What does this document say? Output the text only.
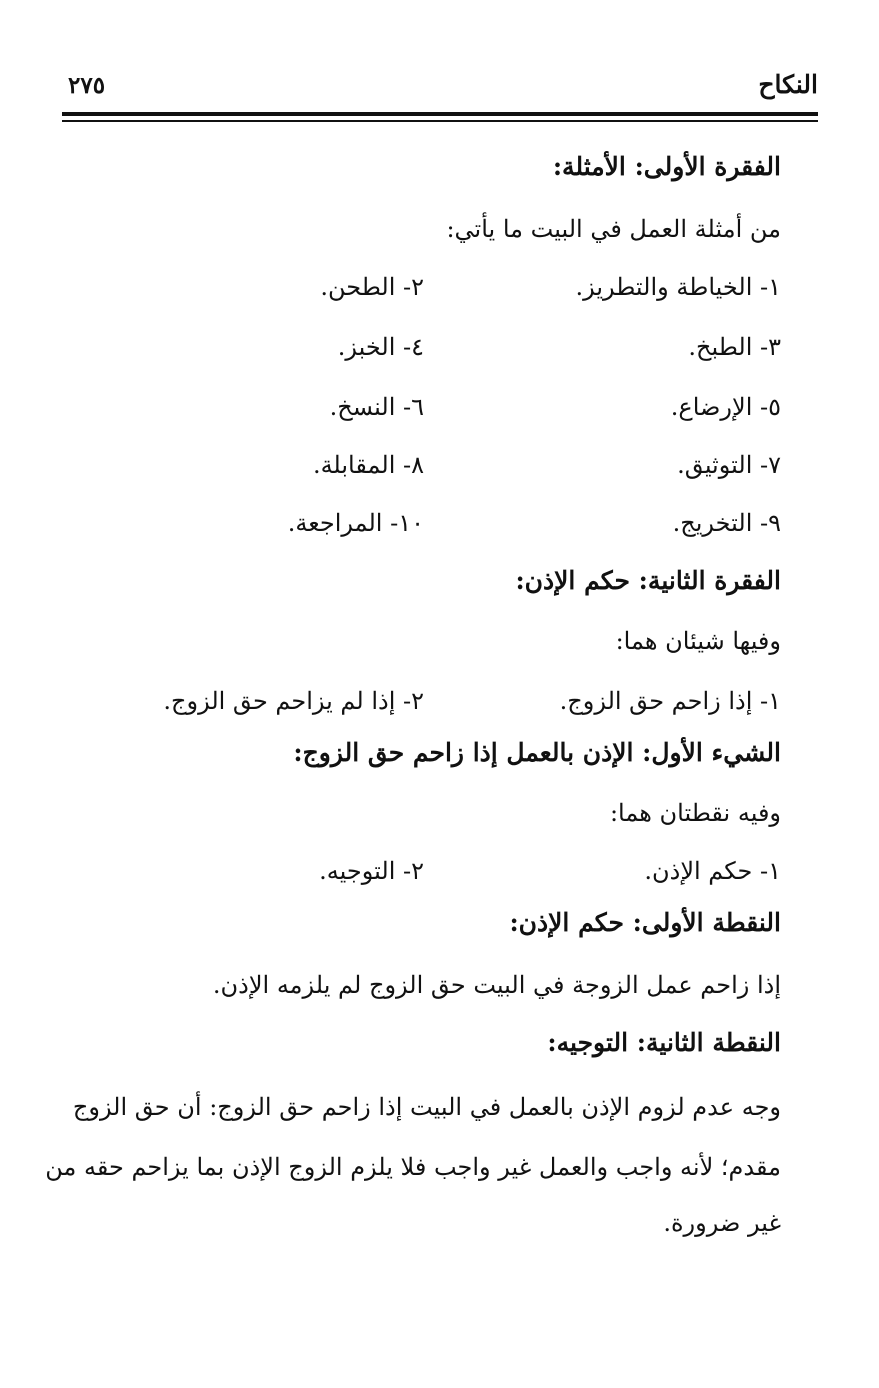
النكاح
٢٧٥
الفقرة الأولى: الأمثلة:
من أمثلة العمل في البيت ما يأتي:
١- الخياطة والتطريز.
٢- الطحن.
٣- الطبخ.
٤- الخبز.
٥- الإرضاع.
٦- النسخ.
٧- التوثيق.
٨- المقابلة.
٩- التخريج.
١٠- المراجعة.
الفقرة الثانية: حكم الإذن:
وفيها شيئان هما:
١- إذا زاحم حق الزوج.
٢- إذا لم يزاحم حق الزوج.
الشيء الأول: الإذن بالعمل إذا زاحم حق الزوج:
وفيه نقطتان هما:
١- حكم الإذن.
٢- التوجيه.
النقطة الأولى: حكم الإذن:
إذا زاحم عمل الزوجة في البيت حق الزوج لم يلزمه الإذن.
النقطة الثانية: التوجيه:
وجه عدم لزوم الإذن بالعمل في البيت إذا زاحم حق الزوج: أن حق الزوج
مقدم؛ لأنه واجب والعمل غير واجب فلا يلزم الزوج الإذن بما يزاحم حقه من
غير ضرورة.
